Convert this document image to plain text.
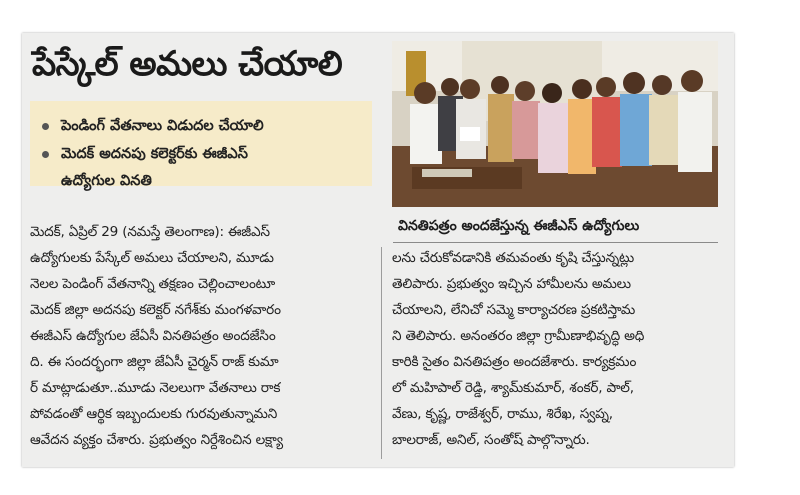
పేస్కేల్ అమలు చేయాలి
పెండింగ్ వేతనాలు విడుదల చేయాలి
మెదక్ అదనపు కలెక్టర్‌కు ఈజీఎస్
ఉద్యోగుల వినతి
వినతిపత్రం అందజేస్తున్న ఈజీఎస్ ఉద్యోగులు
మెదక్, ఏప్రిల్ 29 (నమస్తే తెలంగాణ): ఈజీఎస్
ఉద్యోగులకు పేస్కేల్ అమలు చేయాలని, మూడు
నెలల పెండింగ్ వేతనాన్ని తక్షణం చెల్లించాలంటూ
మెదక్ జిల్లా అదనపు కలెక్టర్ నగేశ్‌కు మంగళవారం
ఈజీఎస్ ఉద్యోగుల జేఏసీ వినతిపత్రం అందజేసిం
ది. ఈ సందర్భంగా జిల్లా జేఏసీ చైర్మన్ రాజ్ కుమా
ర్ మాట్లాడుతూ..మూడు నెలలుగా వేతనాలు రాక
పోవడంతో ఆర్థిక ఇబ్బందులకు గురవుతున్నామని
ఆవేదన వ్యక్తం చేశారు. ప్రభుత్వం నిర్దేశించిన లక్ష్యా
లను చేరుకోవడానికి తమవంతు కృషి చేస్తున్నట్లు
తెలిపారు. ప్రభుత్వం ఇచ్చిన హామీలను అమలు
చేయాలని, లేనిచో సమ్మె కార్యాచరణ ప్రకటిస్తామ
ని తెలిపారు. అనంతరం జిల్లా గ్రామీణాభివృద్ధి అధి
కారికి సైతం వినతిపత్రం అందజేశారు. కార్యక్రమం
లో మహిపాల్ రెడ్డి, శ్యామ్‌కుమార్, శంకర్, పాల్,
వేణు, కృష్ణ, రాజేశ్వర్, రాము, శిరేఖ, స్వప్న,
బాలరాజ్, అనిల్, సంతోష్ పాల్గొన్నారు.
